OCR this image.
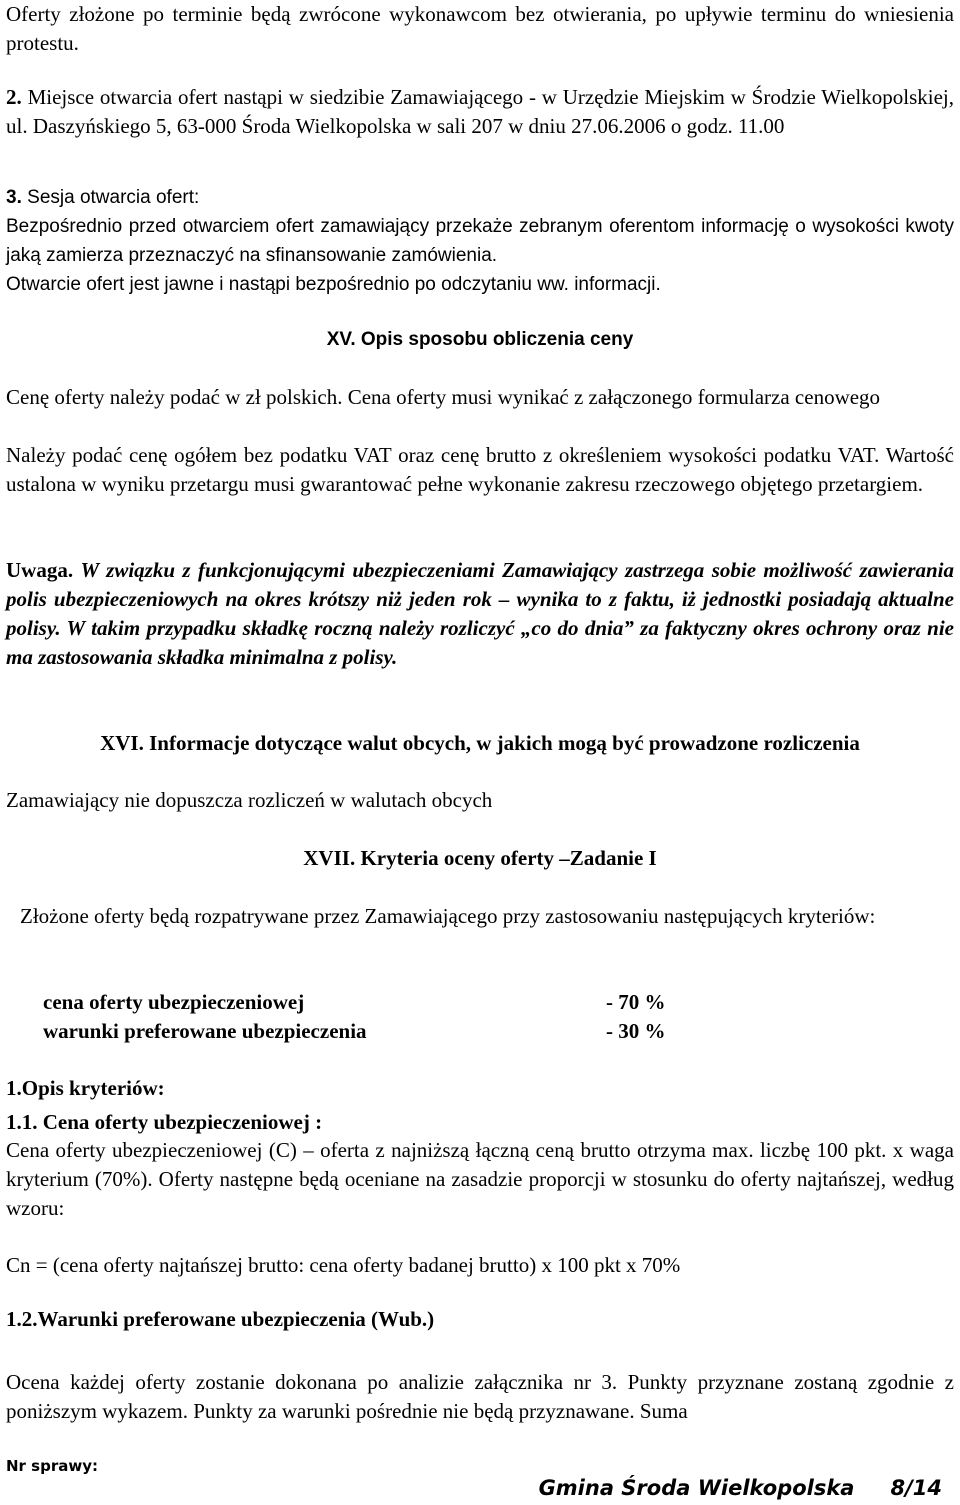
Oferty złożone po terminie będą zwrócone wykonawcom bez otwierania, po upływie terminu do wniesienia protestu.

2. Miejsce otwarcia ofert nastąpi w siedzibie Zamawiającego - w Urzędzie Miejskim w Środzie Wielkopolskiej, ul. Daszyńskiego 5, 63-000 Środa Wielkopolska w sali 207 w dniu 27.06.2006 o godz. 11.00

3. Sesja otwarcia ofert:
Bezpośrednio przed otwarciem ofert zamawiający przekaże zebranym oferentom informację o wysokości kwoty jaką zamierza przeznaczyć na sfinansowanie zamówienia.
Otwarcie ofert jest jawne i nastąpi bezpośrednio po odczytaniu ww. informacji.
XV. Opis sposobu obliczenia ceny

Cenę oferty należy podać w zł polskich. Cena oferty musi wynikać z załączonego formularza cenowego

Należy podać cenę ogółem bez podatku VAT oraz cenę brutto z określeniem wysokości podatku VAT. Wartość ustalona w wyniku przetargu musi gwarantować pełne wykonanie zakresu rzeczowego objętego przetargiem.

Uwaga. W związku z funkcjonującymi ubezpieczeniami Zamawiający zastrzega sobie możliwość zawierania polis ubezpieczeniowych na okres krótszy niż jeden rok – wynika to z faktu, iż jednostki posiadają aktualne polisy. W takim przypadku składkę roczną należy rozliczyć „co do dnia” za faktyczny okres ochrony oraz nie ma zastosowania składka minimalna z polisy.

XVI. Informacje dotyczące walut obcych, w jakich mogą być prowadzone rozliczenia

Zamawiający nie dopuszcza rozliczeń w walutach obcych

XVII. Kryteria oceny oferty –Zadanie I

Złożone oferty będą rozpatrywane przez Zamawiającego przy zastosowaniu następujących kryteriów:

cena oferty ubezpieczeniowej	- 70 %
warunki preferowane ubezpieczenia	- 30 %
1.Opis kryteriów:
1.1. Cena oferty ubezpieczeniowej :

Cena oferty ubezpieczeniowej (C) – oferta z najniższą łączną ceną brutto otrzyma max. liczbę 100 pkt. x waga kryterium (70%). Oferty następne będą oceniane na zasadzie proporcji w stosunku do oferty najtańszej, według wzoru:

Cn = (cena oferty najtańszej brutto: cena oferty badanej brutto) x 100 pkt x 70%

1.2.Warunki preferowane ubezpieczenia (Wub.)

Ocena każdej oferty zostanie dokonana po analizie załącznika nr 3. Punkty przyznane zostaną zgodnie z poniższym wykazem. Punkty za warunki pośrednie nie będą przyznawane. Suma

Nr sprawy:
Gmina Środa Wielkopolska 8/14
